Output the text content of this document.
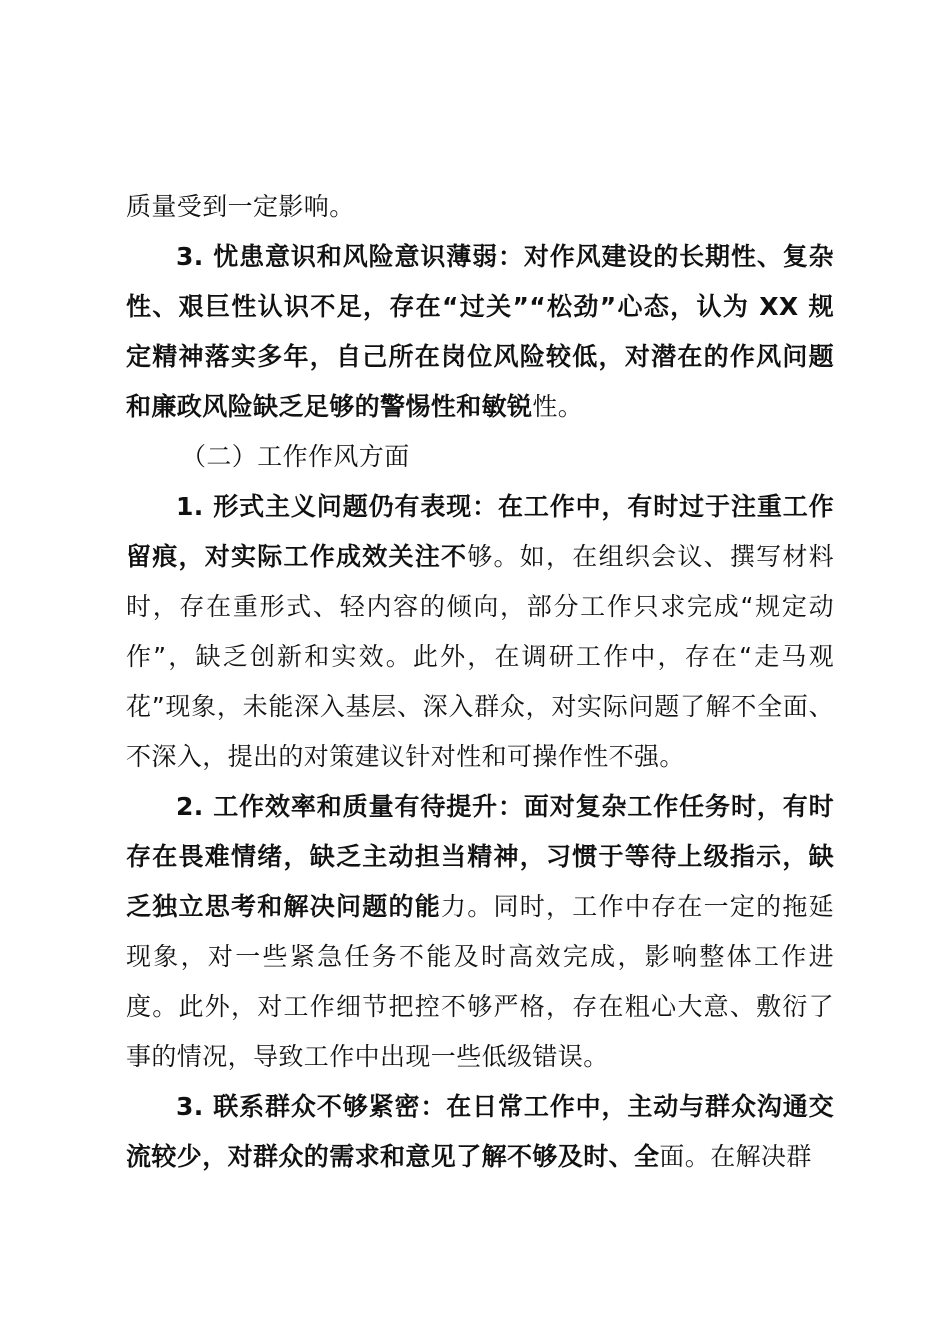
质量受到一定影响。

3. 忧患意识和风险意识薄弱：对作风建设的长期性、复杂性、艰巨性认识不足，存在“过关”“松劲”心态，认为 XX 规定精神落实多年，自己所在岗位风险较低，对潜在的作风问题和廉政风险缺乏足够的警惕性和敏锐性。

（二）工作作风方面

1. 形式主义问题仍有表现：在工作中，有时过于注重工作留痕，对实际工作成效关注不够。如，在组织会议、撰写材料时，存在重形式、轻内容的倾向，部分工作只求完成“规定动作”，缺乏创新和实效。此外，在调研工作中，存在“走马观花”现象，未能深入基层、深入群众，对实际问题了解不全面、不深入，提出的对策建议针对性和可操作性不强。

2. 工作效率和质量有待提升：面对复杂工作任务时，有时存在畏难情绪，缺乏主动担当精神，习惯于等待上级指示，缺乏独立思考和解决问题的能力。同时，工作中存在一定的拖延现象，对一些紧急任务不能及时高效完成，影响整体工作进度。此外，对工作细节把控不够严格，存在粗心大意、敷衍了事的情况，导致工作中出现一些低级错误。

3. 联系群众不够紧密：在日常工作中，主动与群众沟通交流较少，对群众的需求和意见了解不够及时、全面。在解决群
